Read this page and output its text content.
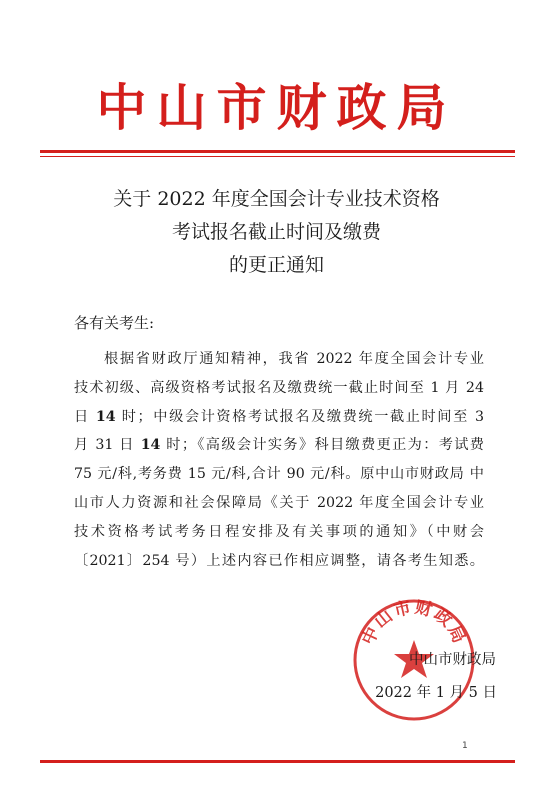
中山市财政局
关于 2022 年度全国会计专业技术资格
考试报名截止时间及缴费
的更正通知
各有关考生:
根据省财政厅通知精神，我省 2022 年度全国会计专业
技术初级、高级资格考试报名及缴费统一截止时间至 1 月 24
日 14 时；中级会计资格考试报名及缴费统一截止时间至 3
月 31 日 14 时；《高级会计实务》科目缴费更正为：考试费
75 元/科,考务费 15 元/科,合计 90 元/科。原中山市财政局 中
山市人力资源和社会保障局《关于 2022 年度全国会计专业
技术资格考试考务日程安排及有关事项的通知》（中财会
〔2021〕254 号）上述内容已作相应调整，请各考生知悉。
中山市财政局
中山市财政局
2022 年 1 月 5 日
1
